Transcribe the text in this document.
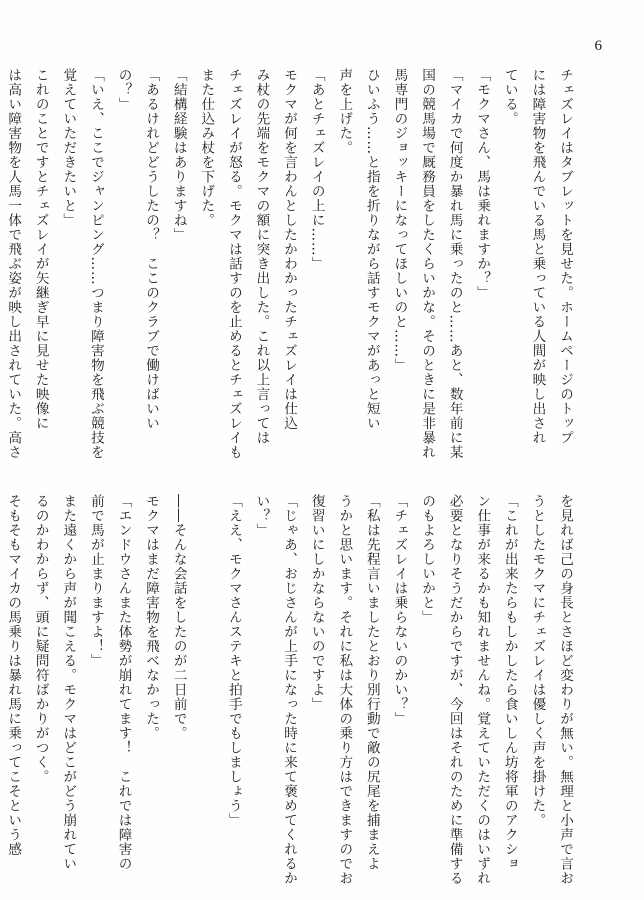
6
チェズレイはタブレットを見せた。ホームページのトップ
には障害物を飛んでいる馬と乗っている人間が映し出され
ている。
「モクマさん、馬は乗れますか？」
「マイカで何度か暴れ馬に乗ったのと……あと、数年前に某
国の競馬場で厩務員をしたくらいかな。そのときに是非暴れ
馬専門のジョッキーになってほしいのと……」
ひいふう……と指を折りながら話すモクマがあっと短い
声を上げた。
「あとチェズレイの上に……」
モクマが何を言わんとしたかわかったチェズレイは仕込
み杖の先端をモクマの額に突き出した。これ以上言っては
チェズレイが怒る。モクマは話すのを止めるとチェズレイも
また仕込み杖を下げた。
「結構経験はありますね」
「あるけれどどうしたの？　ここのクラブで働けばいい
の？」
「いえ、ここでジャンピング……つまり障害物を飛ぶ競技を
覚えていただきたいと」
これのことですとチェズレイが矢継ぎ早に見せた映像に
は高い障害物を人馬一体で飛ぶ姿が映し出されていた。高さ
を見れば己の身長とさほど変わりが無い。無理と小声で言お
うとしたモクマにチェズレイは優しく声を掛けた。
「これが出来たらもしかしたら食いしん坊将軍のアクショ
ン仕事が来るかも知れませんね。覚えていただくのはいずれ
必要となりそうだからですが、今回はそれのために準備する
のもよろしいかと」
「チェズレイは乗らないのかい？」
「私は先程言いましたとおり別行動で敵の尻尾を捕まえよ
うかと思います。それに私は大体の乗り方はできますのでお
復習いにしかならないのですよ」
「じゃあ、おじさんが上手になった時に来て褒めてくれるか
い？」
「ええ、モクマさんステキと拍手でもしましょう」
――そんな会話をしたのが二日前で。
モクマはまだ障害物を飛べなかった。
「エンドウさんまた体勢が崩れてます！　これでは障害の
前で馬が止まりますよ！」
また遠くから声が聞こえる。モクマはどこがどう崩れてい
るのかわからず、頭に疑問符ばかりがつく。
そもそもマイカの馬乗りは暴れ馬に乗ってこそという感
